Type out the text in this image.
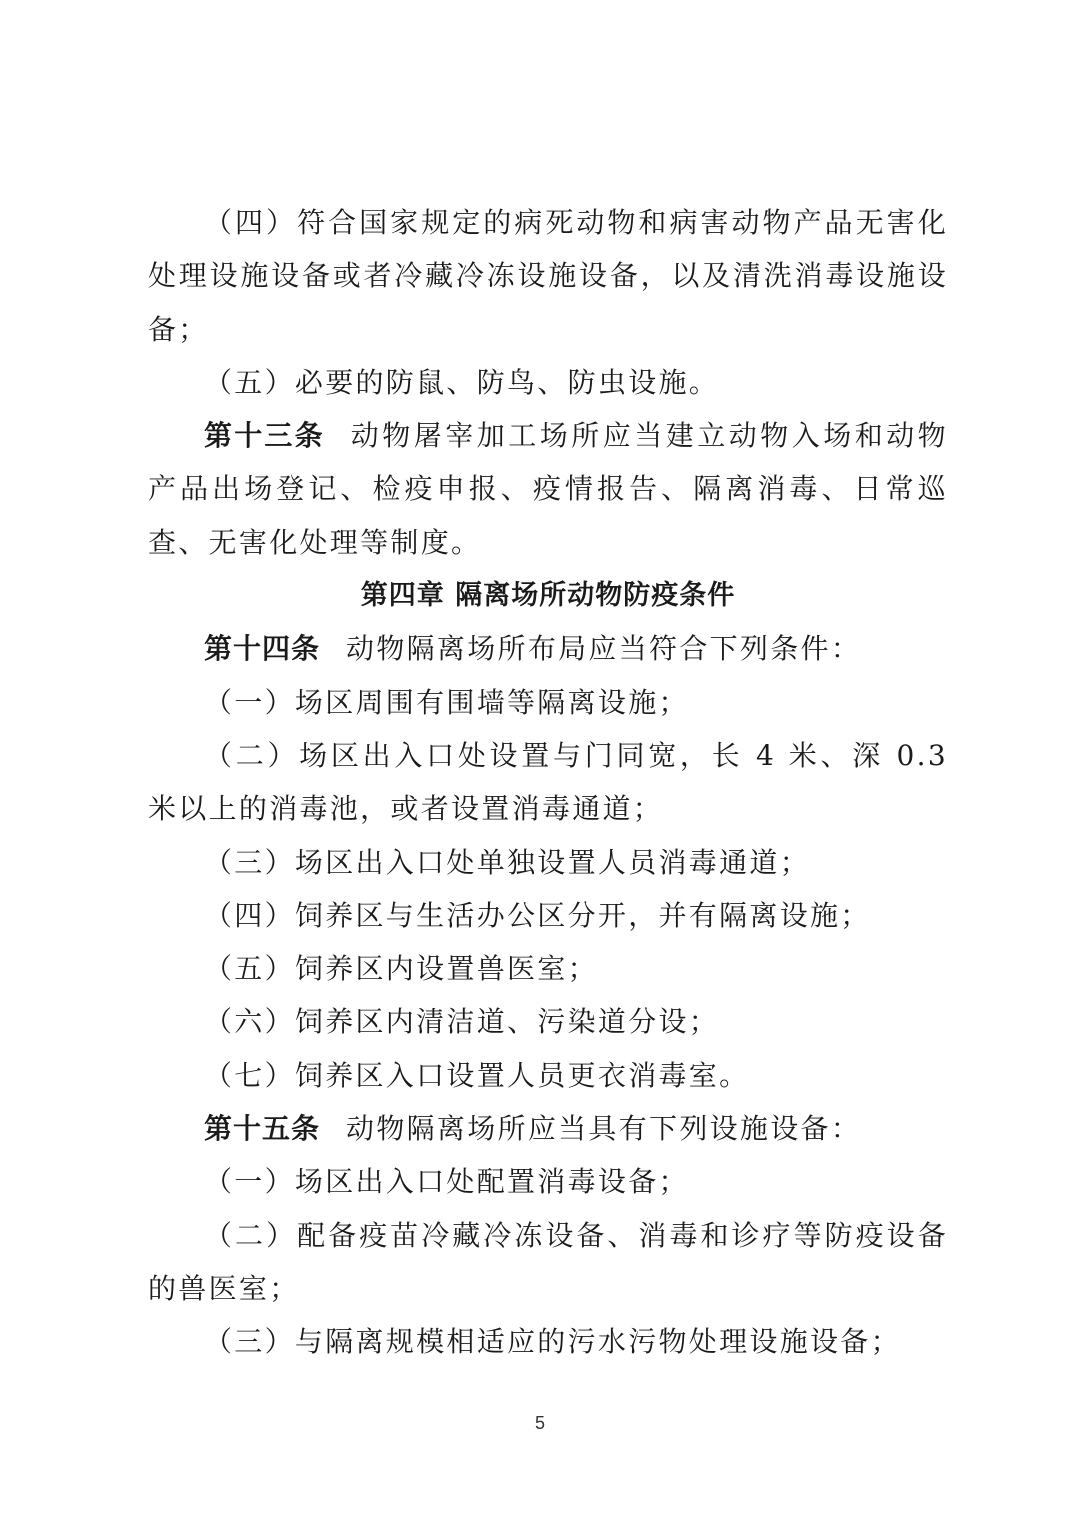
（四）符合国家规定的病死动物和病害动物产品无害化处理设施设备或者冷藏冷冻设施设备，以及清洗消毒设施设备；

（五）必要的防鼠、防鸟、防虫设施。

第十三条 动物屠宰加工场所应当建立动物入场和动物产品出场登记、检疫申报、疫情报告、隔离消毒、日常巡查、无害化处理等制度。

第四章 隔离场所动物防疫条件

第十四条 动物隔离场所布局应当符合下列条件：

（一）场区周围有围墙等隔离设施；

（二）场区出入口处设置与门同宽，长 4 米、深 0.3 米以上的消毒池，或者设置消毒通道；

（三）场区出入口处单独设置人员消毒通道；

（四）饲养区与生活办公区分开，并有隔离设施；

（五）饲养区内设置兽医室；

（六）饲养区内清洁道、污染道分设；

（七）饲养区入口设置人员更衣消毒室。

第十五条 动物隔离场所应当具有下列设施设备：

（一）场区出入口处配置消毒设备；

（二）配备疫苗冷藏冷冻设备、消毒和诊疗等防疫设备的兽医室；

（三）与隔离规模相适应的污水污物处理设施设备；

5
